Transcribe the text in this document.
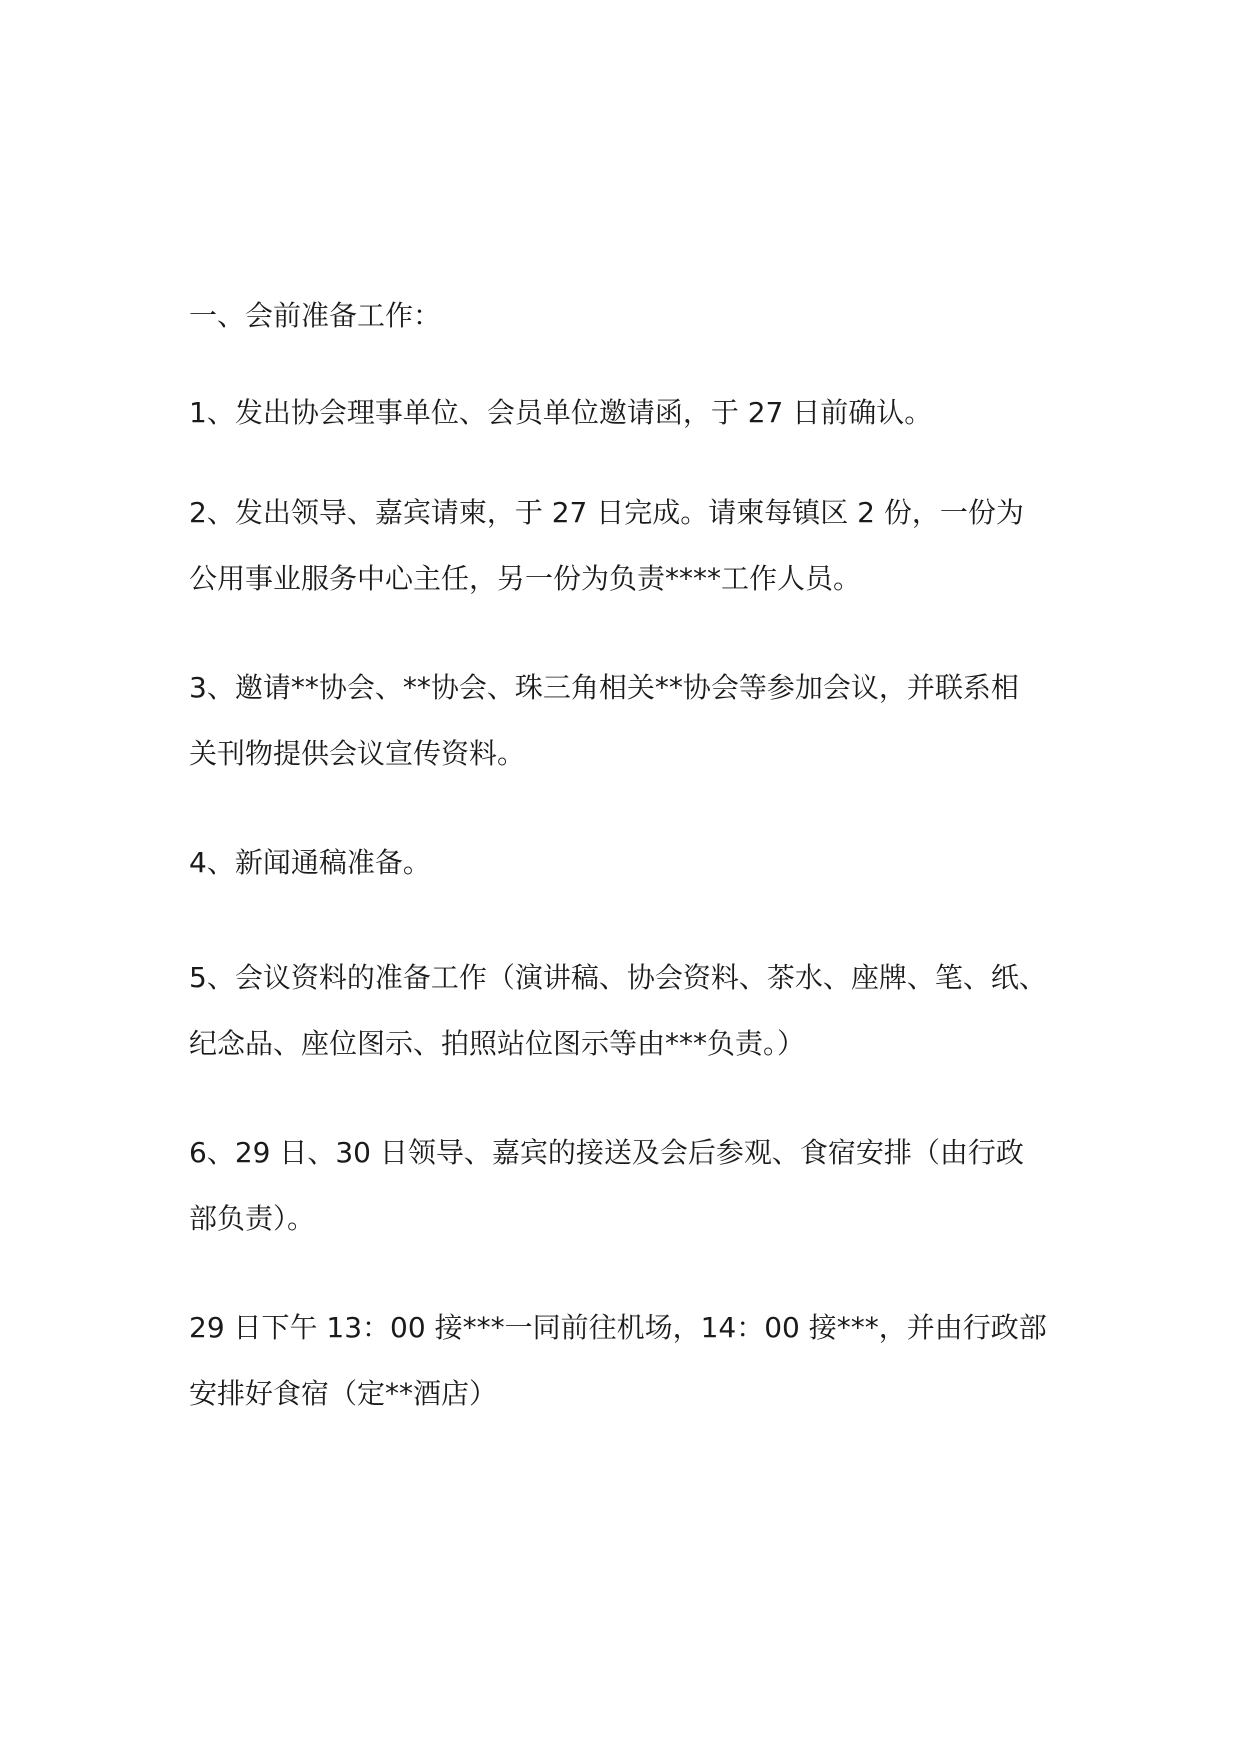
一、会前准备工作：

1、发出协会理事单位、会员单位邀请函，于 27 日前确认。

2、发出领导、嘉宾请柬，于 27 日完成。请柬每镇区 2 份，一份为
公用事业服务中心主任，另一份为负责****工作人员。

3、邀请**协会、**协会、珠三角相关**协会等参加会议，并联系相
关刊物提供会议宣传资料。

4、新闻通稿准备。

5、会议资料的准备工作（演讲稿、协会资料、茶水、座牌、笔、纸、
纪念品、座位图示、拍照站位图示等由***负责。）

6、29 日、30 日领导、嘉宾的接送及会后参观、食宿安排（由行政
部负责）。

29 日下午 13：00 接***一同前往机场，14：00 接***，并由行政部
安排好食宿（定**酒店）
